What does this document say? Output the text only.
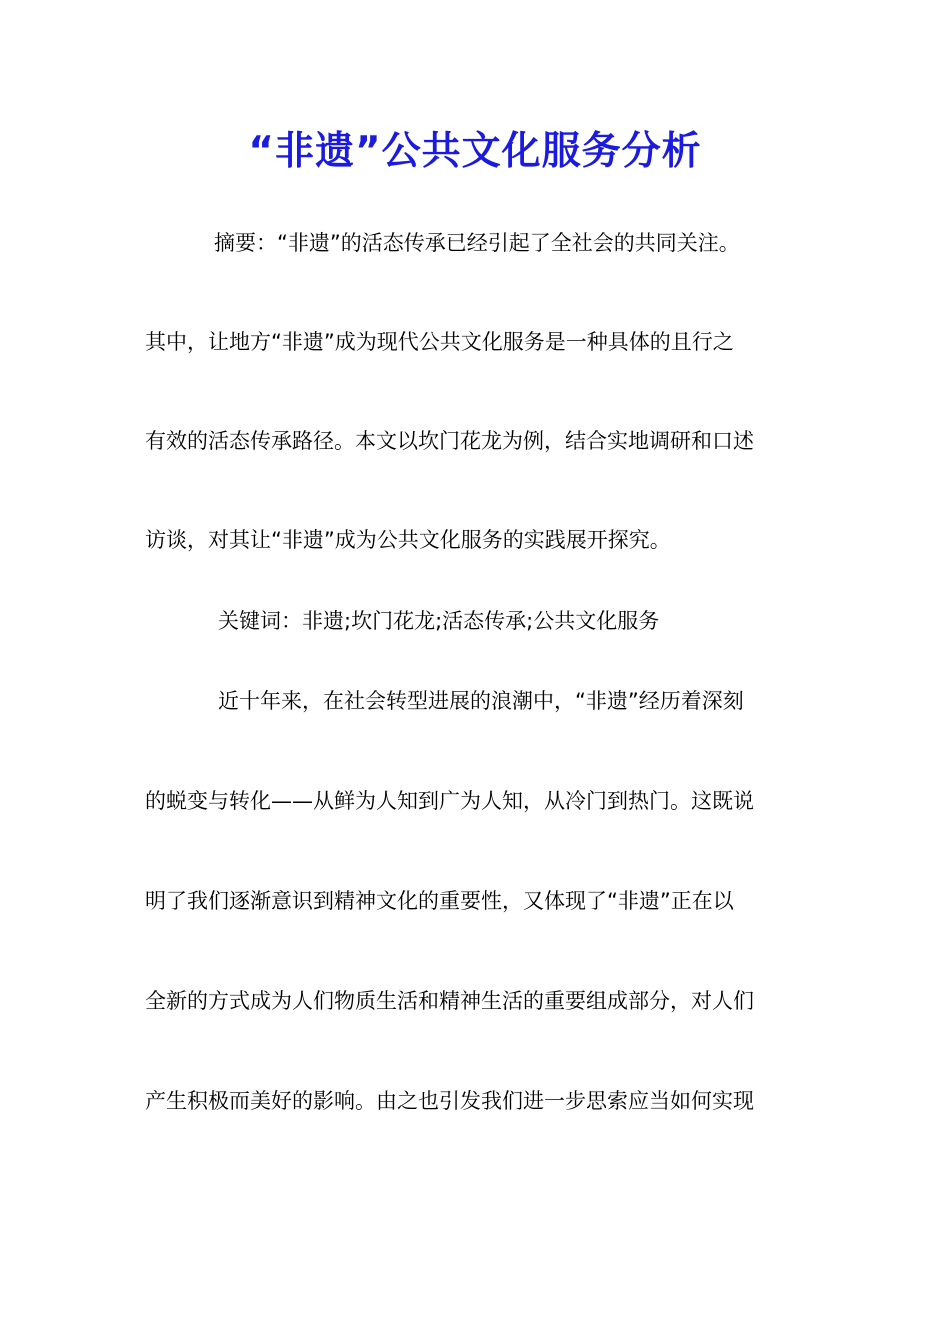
“非遗”公共文化服务分析
摘要：“非遗”的活态传承已经引起了全社会的共同关注。
其中，让地方“非遗”成为现代公共文化服务是一种具体的且行之
有效的活态传承路径。本文以坎门花龙为例，结合实地调研和口述
访谈，对其让“非遗”成为公共文化服务的实践展开探究。
关键词：非遗;坎门花龙;活态传承;公共文化服务
近十年来，在社会转型进展的浪潮中，“非遗”经历着深刻
的蜕变与转化——从鲜为人知到广为人知，从冷门到热门。这既说
明了我们逐渐意识到精神文化的重要性，又体现了“非遗”正在以
全新的方式成为人们物质生活和精神生活的重要组成部分，对人们
产生积极而美好的影响。由之也引发我们进一步思索应当如何实现
